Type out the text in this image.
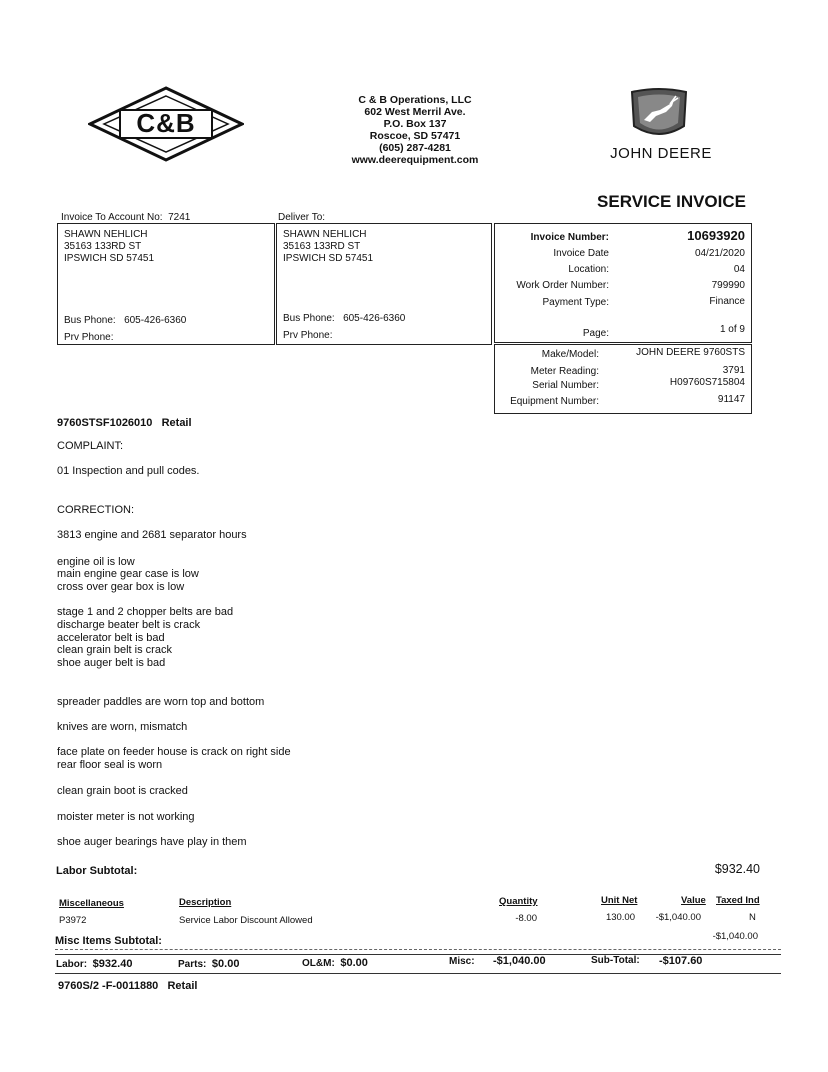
C&B
C & B Operations, LLC
602 West Merril Ave.
P.O. Box 137
Roscoe, SD 57471
(605) 287-4281
www.deerequipment.com	JOHN DEERE
SERVICE INVOICE
Invoice To Account No: 7241	Deliver To:
SHAWN NEHLICH
35163 133RD ST
IPSWICH SD 57451
Bus Phone: 605-426-6360
Prv Phone:
SHAWN NEHLICH
35163 133RD ST
IPSWICH SD 57451
Bus Phone: 605-426-6360
Prv Phone:
Invoice Number:	10693920
Invoice Date	04/21/2020
Location:	04
Work Order Number:	799990
Payment Type:	Finance
Page:	1 of 9
Make/Model:	JOHN DEERE 9760STS
Meter Reading:	3791
Serial Number:	H09760S715804
Equipment Number:	91147
9760STSF1026010 Retail
COMPLAINT:
01 Inspection and pull codes.
CORRECTION:
3813 engine and 2681 separator hours
engine oil is low
main engine gear case is low
cross over gear box is low
stage 1 and 2 chopper belts are bad
discharge beater belt is crack
accelerator belt is bad
clean grain belt is crack
shoe auger belt is bad
spreader paddles are worn top and bottom
knives are worn, mismatch
face plate on feeder house is crack on right side
rear floor seal is worn
clean grain boot is cracked
moister meter is not working
shoe auger bearings have play in them
Labor Subtotal:	$932.40
Miscellaneous	Description	Quantity	Unit Net	Value Taxed Ind
P3972	Service Labor Discount Allowed	-8.00	130.00 -$1,040.00	N
Misc Items Subtotal:	-$1,040.00
Labor: $932.40	Parts: $0.00	OL&M: $0.00	Misc: -$1,040.00	Sub-Total: -$107.60
9760S/2 -F-0011880 Retail
